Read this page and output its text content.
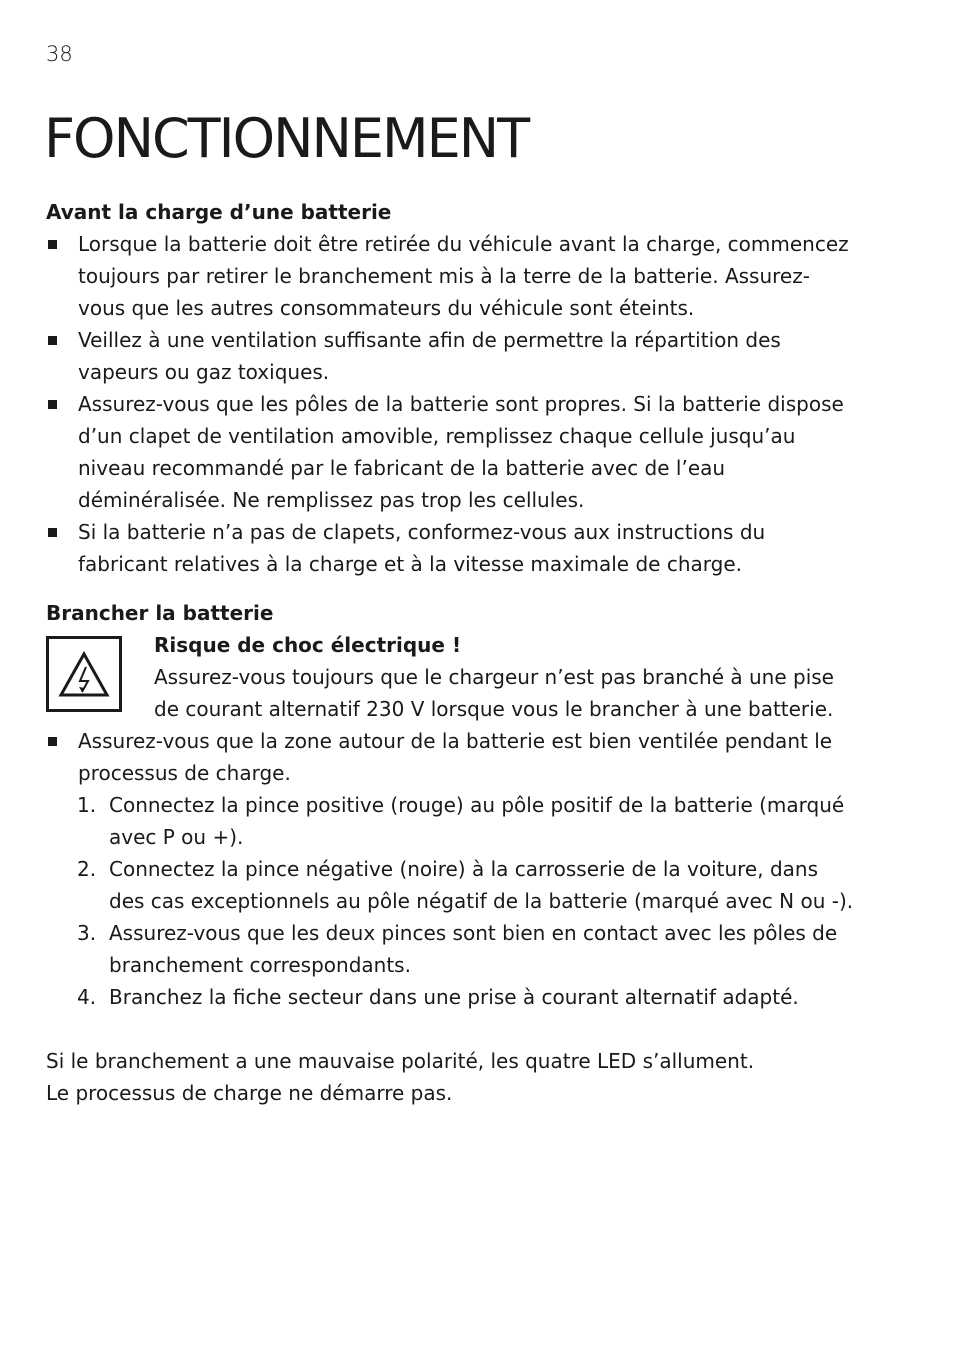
38
FONCTIONNEMENT
Avant la charge d’une batterie
Lorsque la batterie doit être retirée du véhicule avant la charge, commencez toujours par retirer le branchement mis à la terre de la batterie. Assurez-vous que les autres consommateurs du véhicule sont éteints.
Veillez à une ventilation suffisante afin de permettre la répartition des vapeurs ou gaz toxiques.
Assurez-vous que les pôles de la batterie sont propres. Si la batterie dispose d’un clapet de ventilation amovible, remplissez chaque cellule jusqu’au niveau recommandé par le fabricant de la batterie avec de l’eau déminéralisée. Ne remplissez pas trop les cellules.
Si la batterie n’a pas de clapets, conformez-vous aux instructions du fabricant relatives à la charge et à la vitesse maximale de charge.
Brancher la batterie

Risque de choc électrique !

Assurez-vous toujours que le chargeur n’est pas branché à une pise de courant alternatif 230 V lorsque vous le brancher à une batterie.

Assurez-vous que la zone autour de la batterie est bien ventilée pendant le processus de charge.
1. Connectez la pince positive (rouge) au pôle positif de la batterie (marqué avec P ou +).
2. Connectez la pince négative (noire) à la carrosserie de la voiture, dans des cas exceptionnels au pôle négatif de la batterie (marqué avec N ou -).
3. Assurez-vous que les deux pinces sont bien en contact avec les pôles de branchement correspondants.
4. Branchez la fiche secteur dans une prise à courant alternatif adapté.

Si le branchement a une mauvaise polarité, les quatre LED s’allument.

Le processus de charge ne démarre pas.
